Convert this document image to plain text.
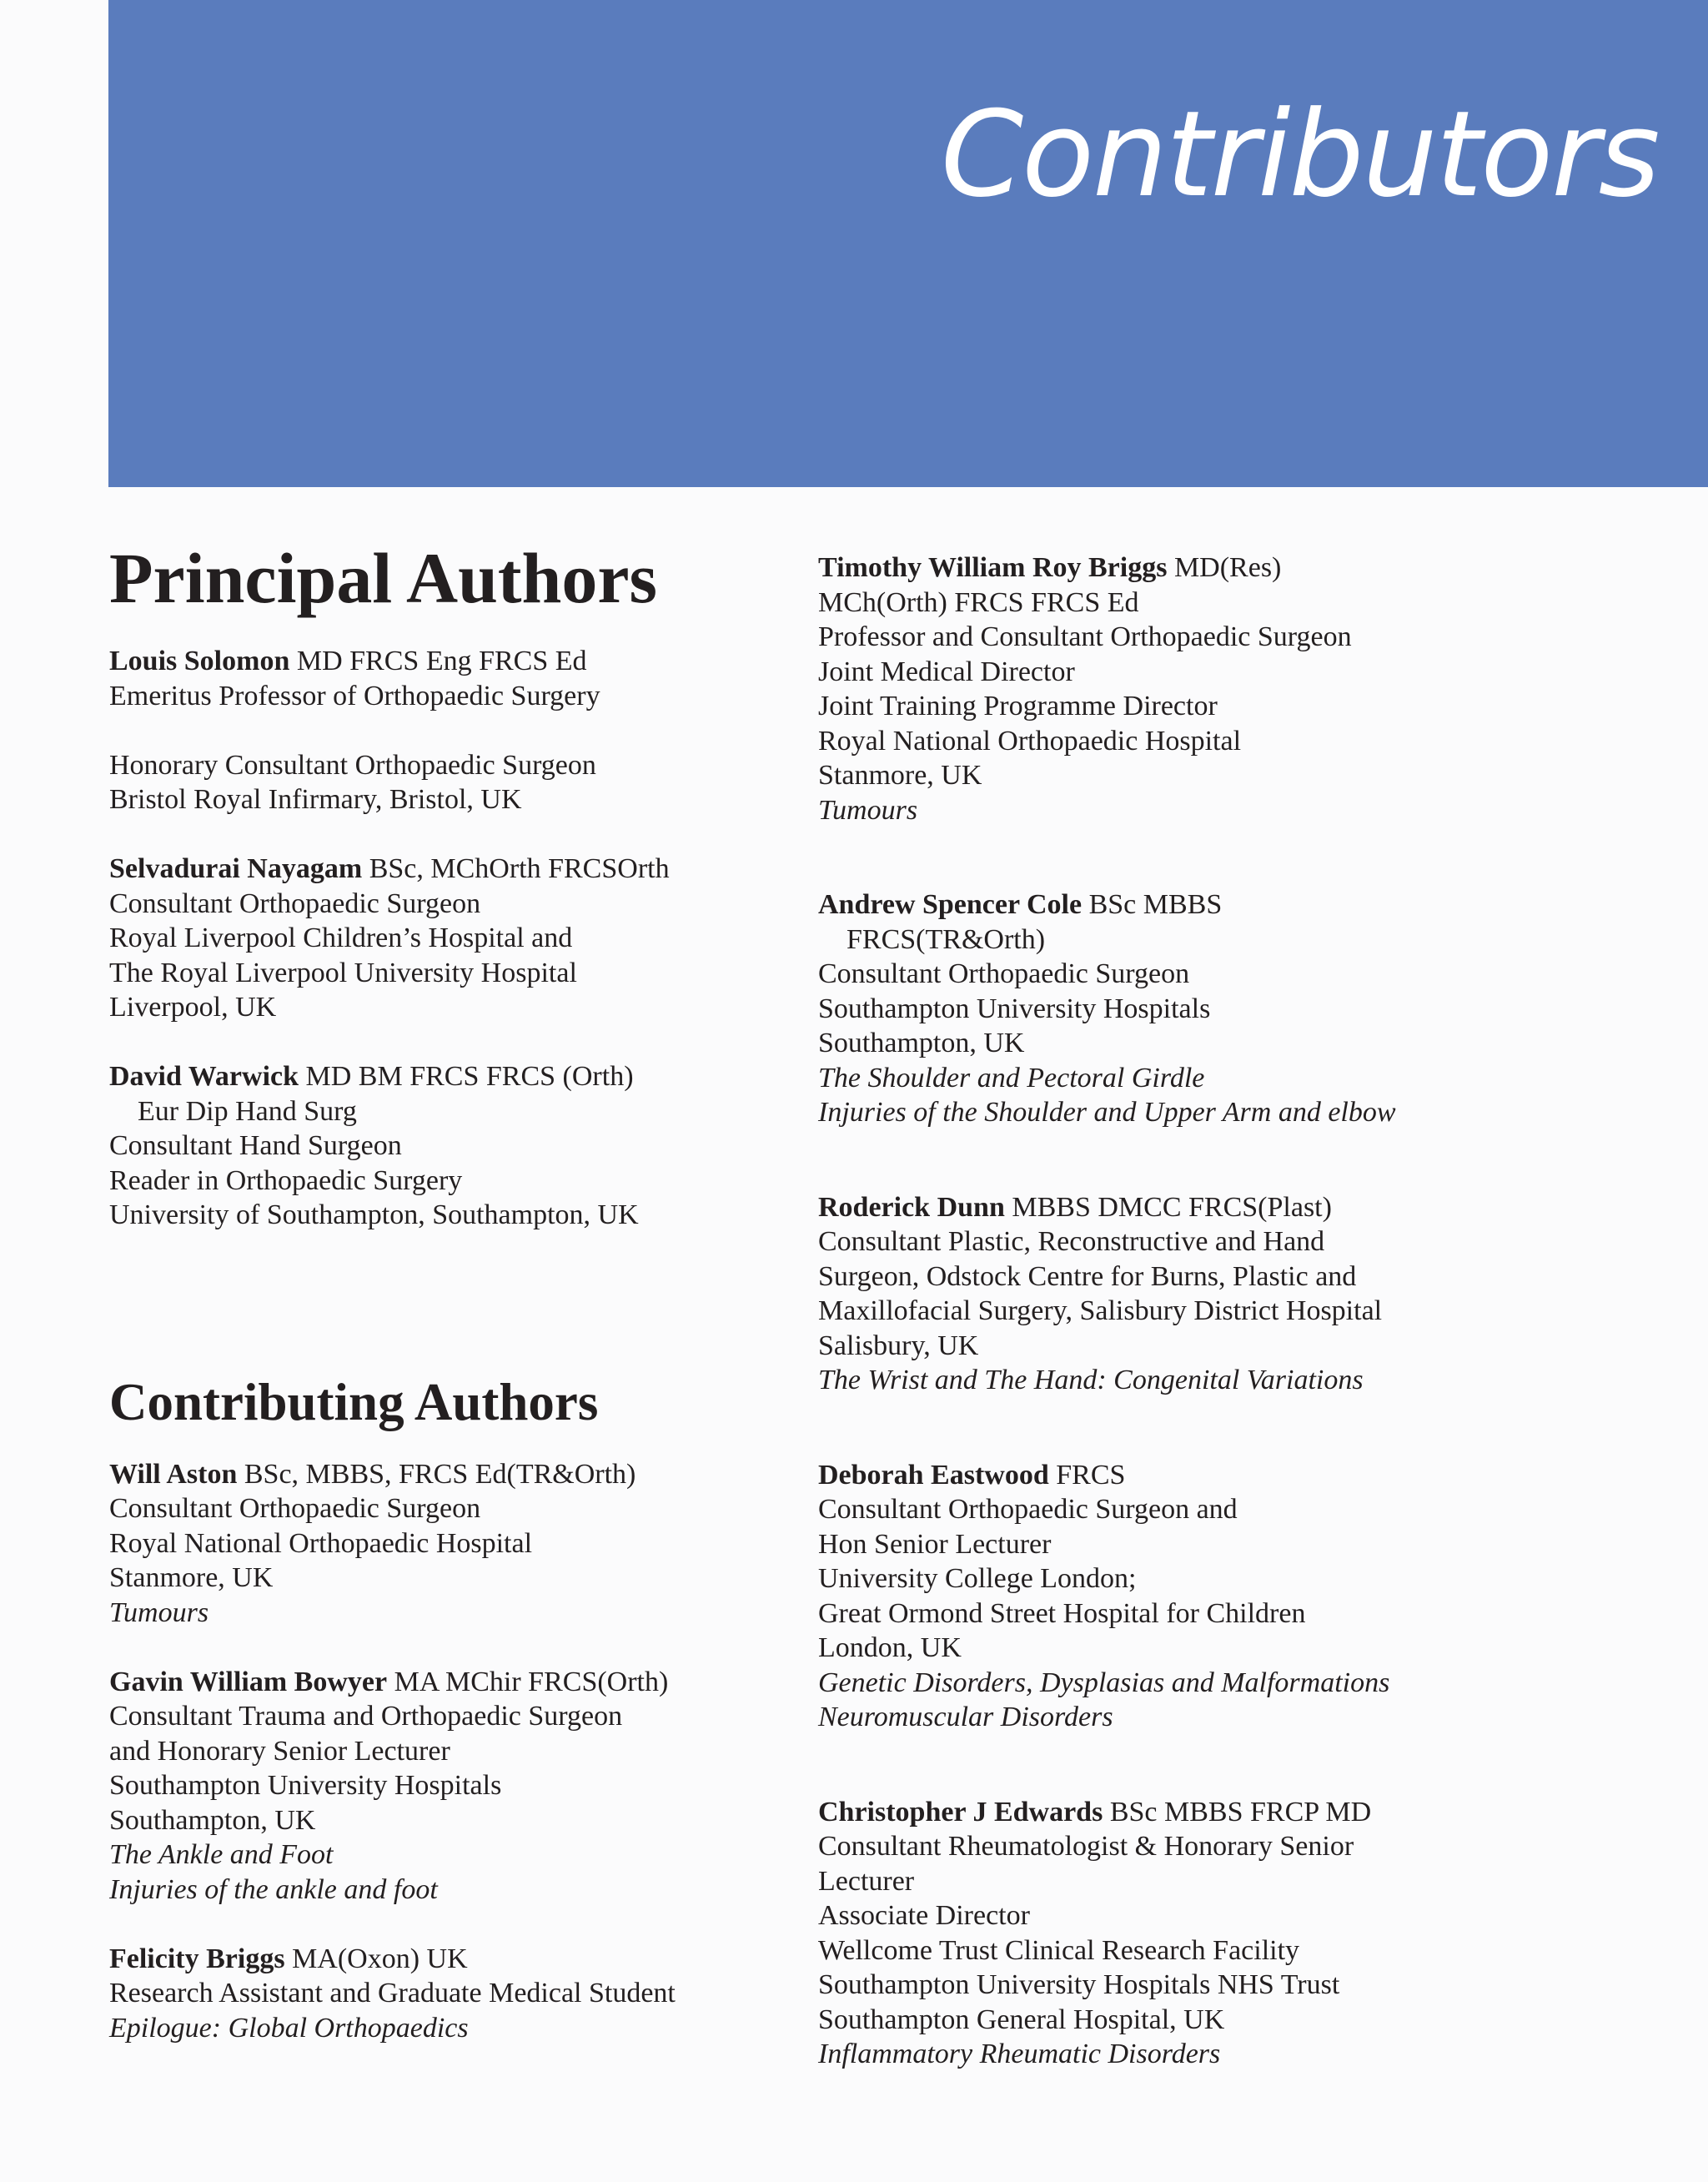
Contributors
Principal Authors
Louis Solomon MD FRCS Eng FRCS Ed
Emeritus Professor of Orthopaedic Surgery
Honorary Consultant Orthopaedic Surgeon
Bristol Royal Infirmary, Bristol, UK
Selvadurai Nayagam BSc, MChOrth FRCSOrth
Consultant Orthopaedic Surgeon
Royal Liverpool Children’s Hospital and
The Royal Liverpool University Hospital
Liverpool, UK
David Warwick MD BM FRCS FRCS (Orth)
Eur Dip Hand Surg
Consultant Hand Surgeon
Reader in Orthopaedic Surgery
University of Southampton, Southampton, UK
Contributing Authors
Will Aston BSc, MBBS, FRCS Ed(TR&Orth)
Consultant Orthopaedic Surgeon
Royal National Orthopaedic Hospital
Stanmore, UK
Tumours
Gavin William Bowyer MA MChir FRCS(Orth)
Consultant Trauma and Orthopaedic Surgeon
and Honorary Senior Lecturer
Southampton University Hospitals
Southampton, UK
The Ankle and Foot
Injuries of the ankle and foot
Felicity Briggs MA(Oxon) UK
Research Assistant and Graduate Medical Student
Epilogue: Global Orthopaedics
Timothy William Roy Briggs MD(Res)
MCh(Orth) FRCS FRCS Ed
Professor and Consultant Orthopaedic Surgeon
Joint Medical Director
Joint Training Programme Director
Royal National Orthopaedic Hospital
Stanmore, UK
Tumours
Andrew Spencer Cole BSc MBBS
FRCS(TR&Orth)
Consultant Orthopaedic Surgeon
Southampton University Hospitals
Southampton, UK
The Shoulder and Pectoral Girdle
Injuries of the Shoulder and Upper Arm and elbow
Roderick Dunn MBBS DMCC FRCS(Plast)
Consultant Plastic, Reconstructive and Hand
Surgeon, Odstock Centre for Burns, Plastic and
Maxillofacial Surgery, Salisbury District Hospital
Salisbury, UK
The Wrist and The Hand: Congenital Variations
Deborah Eastwood FRCS
Consultant Orthopaedic Surgeon and
Hon Senior Lecturer
University College London;
Great Ormond Street Hospital for Children
London, UK
Genetic Disorders, Dysplasias and Malformations
Neuromuscular Disorders
Christopher J Edwards BSc MBBS FRCP MD
Consultant Rheumatologist & Honorary Senior
Lecturer
Associate Director
Wellcome Trust Clinical Research Facility
Southampton University Hospitals NHS Trust
Southampton General Hospital, UK
Inflammatory Rheumatic Disorders
